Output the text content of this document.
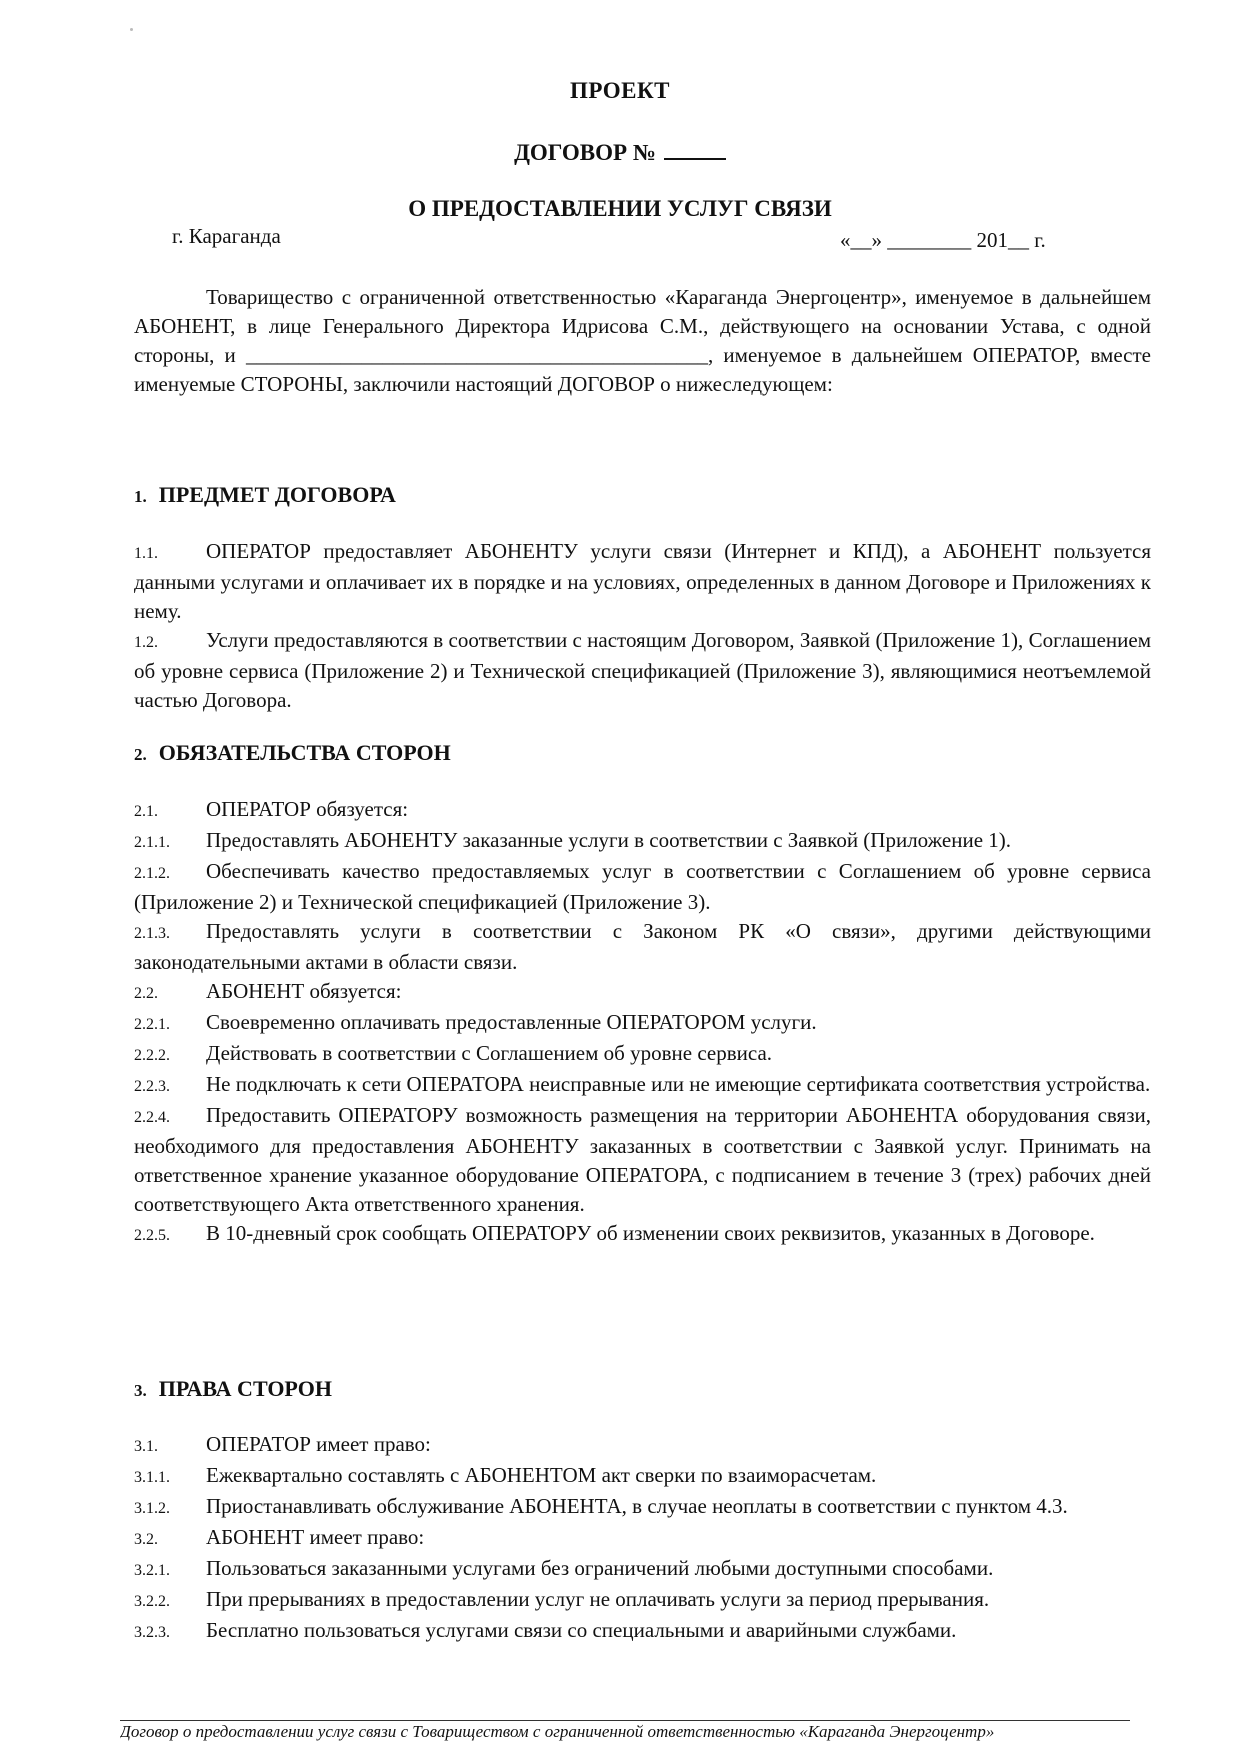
ПРОЕКТ
ДОГОВОР №
О ПРЕДОСТАВЛЕНИИ УСЛУГ СВЯЗИ
г. Караганда	«__» ________ 201__ г.

Товарищество с ограниченной ответственностью «Караганда Энергоцентр», именуемое в дальнейшем АБОНЕНТ, в лице Генерального Директора Идрисова С.М., действующего на основании Устава, с одной стороны, и ____________________________________________, именуемое в дальнейшем ОПЕРАТОР, вместе именуемые СТОРОНЫ, заключили настоящий ДОГОВОР о нижеследующем:

1. ПРЕДМЕТ ДОГОВОРА

1.1. ОПЕРАТОР предоставляет АБОНЕНТУ услуги связи (Интернет и КПД), а АБОНЕНТ пользуется данными услугами и оплачивает их в порядке и на условиях, определенных в данном Договоре и Приложениях к нему.

1.2. Услуги предоставляются в соответствии с настоящим Договором, Заявкой (Приложение 1), Соглашением об уровне сервиса (Приложение 2) и Технической спецификацией (Приложение 3), являющимися неотъемлемой частью Договора.

2. ОБЯЗАТЕЛЬСТВА СТОРОН

2.1. ОПЕРАТОР обязуется:

2.1.1. Предоставлять АБОНЕНТУ заказанные услуги в соответствии с Заявкой (Приложение 1).

2.1.2. Обеспечивать качество предоставляемых услуг в соответствии с Соглашением об уровне сервиса (Приложение 2) и Технической спецификацией (Приложение 3).

2.1.3. Предоставлять услуги в соответствии с Законом РК «О связи», другими действующими законодательными актами в области связи.

2.2. АБОНЕНТ обязуется:

2.2.1. Своевременно оплачивать предоставленные ОПЕРАТОРОМ услуги.

2.2.2. Действовать в соответствии с Соглашением об уровне сервиса.

2.2.3. Не подключать к сети ОПЕРАТОРА неисправные или не имеющие сертификата соответствия устройства.

2.2.4. Предоставить ОПЕРАТОРУ возможность размещения на территории АБОНЕНТА оборудования связи, необходимого для предоставления АБОНЕНТУ заказанных в соответствии с Заявкой услуг. Принимать на ответственное хранение указанное оборудование ОПЕРАТОРА, с подписанием в течение 3 (трех) рабочих дней соответствующего Акта ответственного хранения.

2.2.5. В 10-дневный срок сообщать ОПЕРАТОРУ об изменении своих реквизитов, указанных в Договоре.

3. ПРАВА СТОРОН

3.1. ОПЕРАТОР имеет право:

3.1.1. Ежеквартально составлять с АБОНЕНТОМ акт сверки по взаиморасчетам.

3.1.2. Приостанавливать обслуживание АБОНЕНТА, в случае неоплаты в соответствии с пунктом 4.3.

3.2. АБОНЕНТ имеет право:

3.2.1. Пользоваться заказанными услугами без ограничений любыми доступными способами.

3.2.2. При прерываниях в предоставлении услуг не оплачивать услуги за период прерывания.

3.2.3. Бесплатно пользоваться услугами связи со специальными и аварийными службами.

Договор о предоставлении услуг связи с Товариществом с ограниченной ответственностью «Караганда Энергоцентр»
